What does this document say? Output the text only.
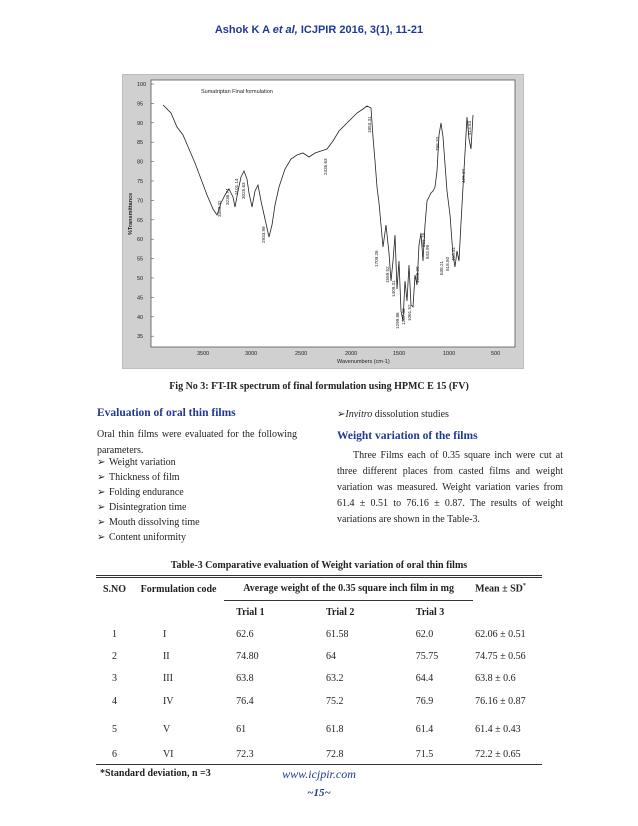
Ashok K A et al, ICJPIR 2016, 3(1), 11-21
100
95
90
85
80
75
70
65
60
55
50
45
40
35
3500	3000	2500	2000	1500	1000	500
Sumatriptan Final formulation
%Transmittance
Wavenumbers (cm-1)
3350.32
3236.74
3101.14 3025.63
2933.99
2435.63
1853.31
1709.26
1559.52
1409.31
1299.86 1207.33 1061.52
1008.29
865.16
843.99
798.20
638.21 518.50
455.31
426.34
413.83
Fig No 3: FT-IR spectrum of final formulation using HPMC E 15 (FV)
Evaluation of oral thin films
Oral thin films were evaluated for the following parameters.
➢ Weight variation
➢ Thickness of film
➢ Folding endurance
➢ Disintegration time
➢ Mouth dissolving time
➢ Content uniformity
➢Invitro dissolution studies
Weight variation of the films
Three Films each of 0.35 square inch were cut at three different places from casted films and weight variation was measured. Weight variation varies from 61.4 ± 0.51 to 76.16 ± 0.87. The results of weight variations are shown in the Table-3.
Table-3 Comparative evaluation of Weight variation of oral thin films
S.NO	Formulation code	Average weight of the 0.35 square inch film in mg			Mean ± SD*
		Trial 1	Trial 2	Trial 3	
1	I	62.6	61.58	62.0	62.06 ± 0.51
2	II	74.80	64	75.75	74.75 ± 0.56
3	III	63.8	63.2	64.4	63.8 ± 0.6
4	IV	76.4	75.2	76.9	76.16 ± 0.87
5	V	61	61.8	61.4	61.4 ± 0.43
6	VI	72.3	72.8	71.5	72.2 ± 0.65
*Standard deviation, n =3	www.icjpir.com
~15~
